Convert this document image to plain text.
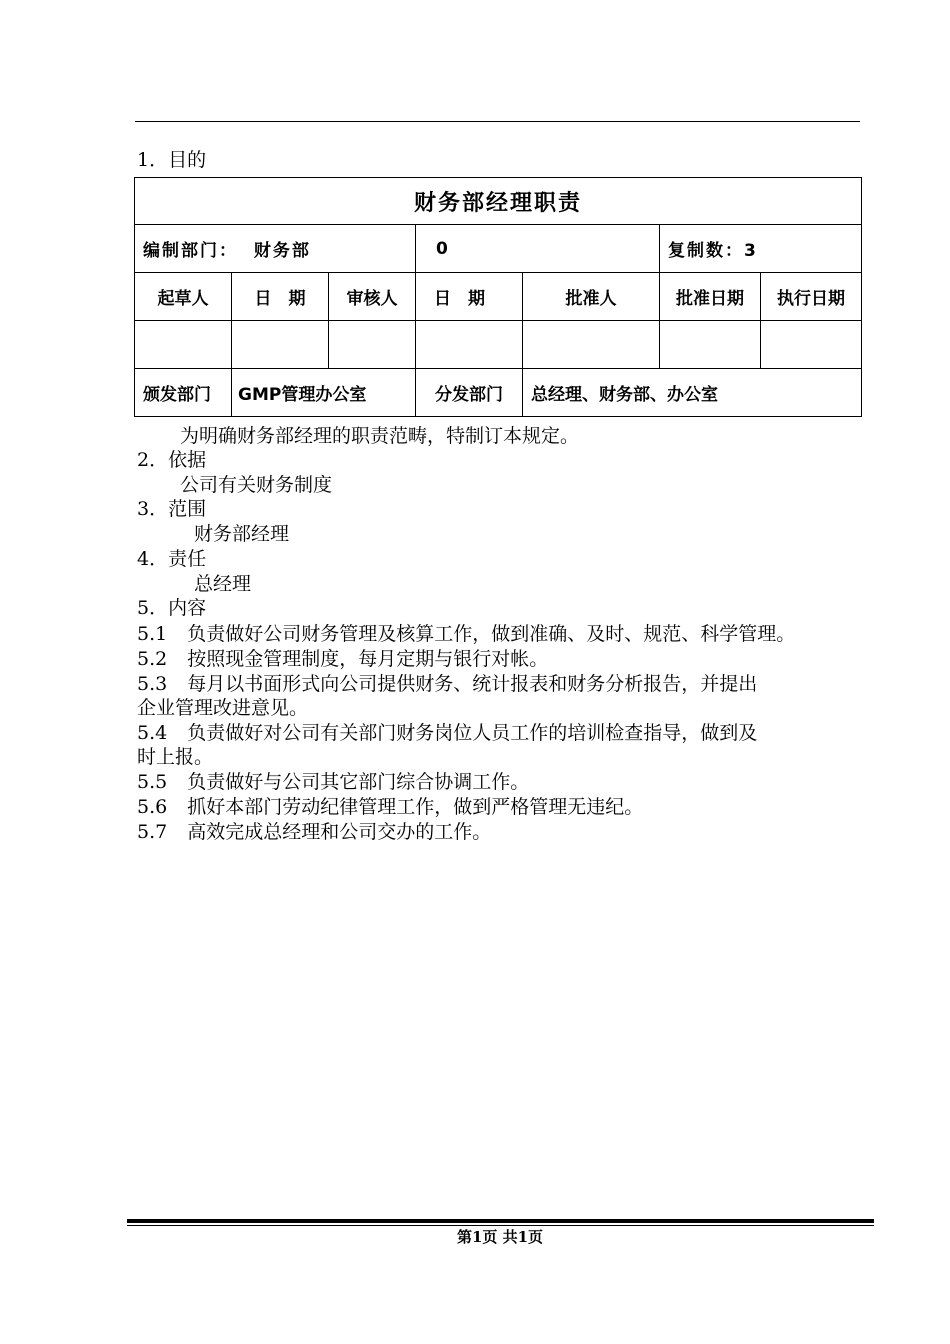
1．目的
财务部经理职责						
编制部门： 财务部			0		复制数：3	
起草人	日　期	审核人	日　期	批准人	批准日期	执行日期

颁发部门	GMP管理办公室		分发部门	总经理、财务部、办公室		
为明确财务部经理的职责范畴，特制订本规定。
2．依据
公司有关财务制度
3．范围
财务部经理
4．责任
总经理
5．内容
5.1 负责做好公司财务管理及核算工作，做到准确、及时、规范、科学管理。
5.2 按照现金管理制度，每月定期与银行对帐。
5.3 每月以书面形式向公司提供财务、统计报表和财务分析报告，并提出
企业管理改进意见。
5.4 负责做好对公司有关部门财务岗位人员工作的培训检查指导，做到及
时上报。
5.5 负责做好与公司其它部门综合协调工作。
5.6 抓好本部门劳动纪律管理工作，做到严格管理无违纪。
5.7 高效完成总经理和公司交办的工作。
第1页 共1页
